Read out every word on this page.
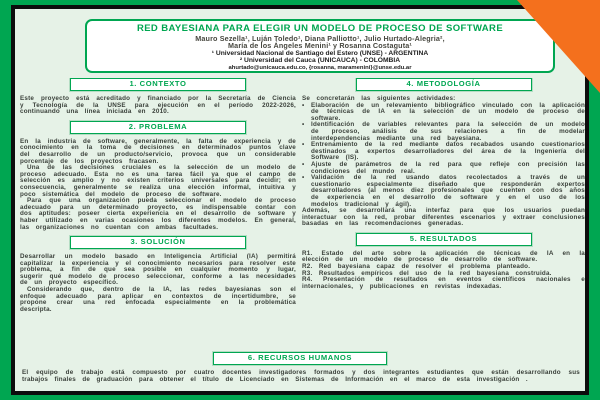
RED BAYESIANA PARA ELEGIR UN MODELO DE PROCESO DE SOFTWARE
Mauro Sezella¹, Luján Toledo¹, Diana Palliotto¹, Julio Hurtado-Alegria²,
María de los Ángeles Menini¹ y Rosanna Costaguta¹
¹ Universidad Nacional de Santiago del Estero (UNSE) - ARGENTINA
² Universidad del Cauca (UNICAUCA) - COLOMBIA
ahurtado@unicauca.edu.co, {rosanna, maramenini}@unse.edu.ar
1. CONTEXTO

Este proyecto está acreditado y financiado por la Secretaría de Ciencia y Tecnología de la UNSE para ejecución en el período 2022-2026, continuando una línea iniciada en 2010.

2. PROBLEMA

En la industria de software, generalmente, la falta de experiencia y de conocimiento en la toma de decisiones en determinados puntos clave del desarrollo de un producto/servicio, provoca que un considerable porcentaje de los proyectos fracasen.

Una de las decisiones cruciales es la selección de un modelo de proceso adecuado. Esta no es una tarea fácil ya que el campo de selección es amplio y no existen criterios universales para decidir; en consecuencia, generalmente se realiza una elección informal, intuitiva y poco sistemática del modelo de proceso de software.

Para que una organización pueda seleccionar el modelo de proceso adecuado para un determinado proyecto, es indispensable contar con dos aptitudes: poseer cierta experiencia en el desarrollo de software y haber utilizado en varias ocasiones los diferentes modelos. En general, las organizaciones no cuentan con ambas facultades.

3. SOLUCIÓN

Desarrollar un modelo basado en Inteligencia Artificial (IA) permitirá capitalizar la experiencia y el conocimiento necesarios para resolver este problema, a fin de que sea posible en cualquier momento y lugar, sugerir qué modelo de proceso seleccionar, conforme a las necesidades de un proyecto específico.

Considerando que, dentro de la IA, las redes bayesianas son el enfoque adecuado para aplicar en contextos de incertidumbre, se propone crear una red enfocada especialmente en la problemática descripta.

4. METODOLOGÍA

Se concretarán las siguientes actividades:

•	Elaboración de un relevamiento bibliográfico vinculado con la aplicación de técnicas de IA en la selección de un modelo de proceso de software.

•	Identificación de variables relevantes para la selección de un modelo de proceso, análisis de sus relaciones a fin de modelar interdependencias mediante una red bayesiana.

•	Entrenamiento de la red mediante datos recabados usando cuestionarios destinados a expertos desarrolladores del área de la Ingeniería del Software (IS).

•	Ajuste de parámetros de la red para que refleje con precisión las condiciones del mundo real.

•	Validación de la red usando datos recolectados a través de un cuestionario especialmente diseñado que responderán expertos desarrolladores (al menos diez profesionales que cuenten con dos años de experiencia en el desarrollo de software y en el uso de los modelos tradicional y ágil).

Además, se desarrollará una interfaz para que los usuarios puedan interactuar con la red, probar diferentes escenarios y extraer conclusiones basadas en las recomendaciones generadas.

5. RESULTADOS

R1. Estado del arte sobre la aplicación de técnicas de IA en la elección de un modelo de proceso de desarrollo de software.

R2. Red bayesiana capaz de resolver el problema planteado.

R3. Resultados empíricos del uso de la red bayesiana construida.

R4. Presentación de resultados en eventos científicos nacionales e internacionales, y publicaciones en revistas indexadas.

6. RECURSOS HUMANOS

El equipo de trabajo está compuesto por cuatro docentes investigadores formados y dos integrantes estudiantes que están desarrollando sus trabajos finales de graduación para obtener el título de Licenciado en Sistemas de Información en el marco de esta investigación .
